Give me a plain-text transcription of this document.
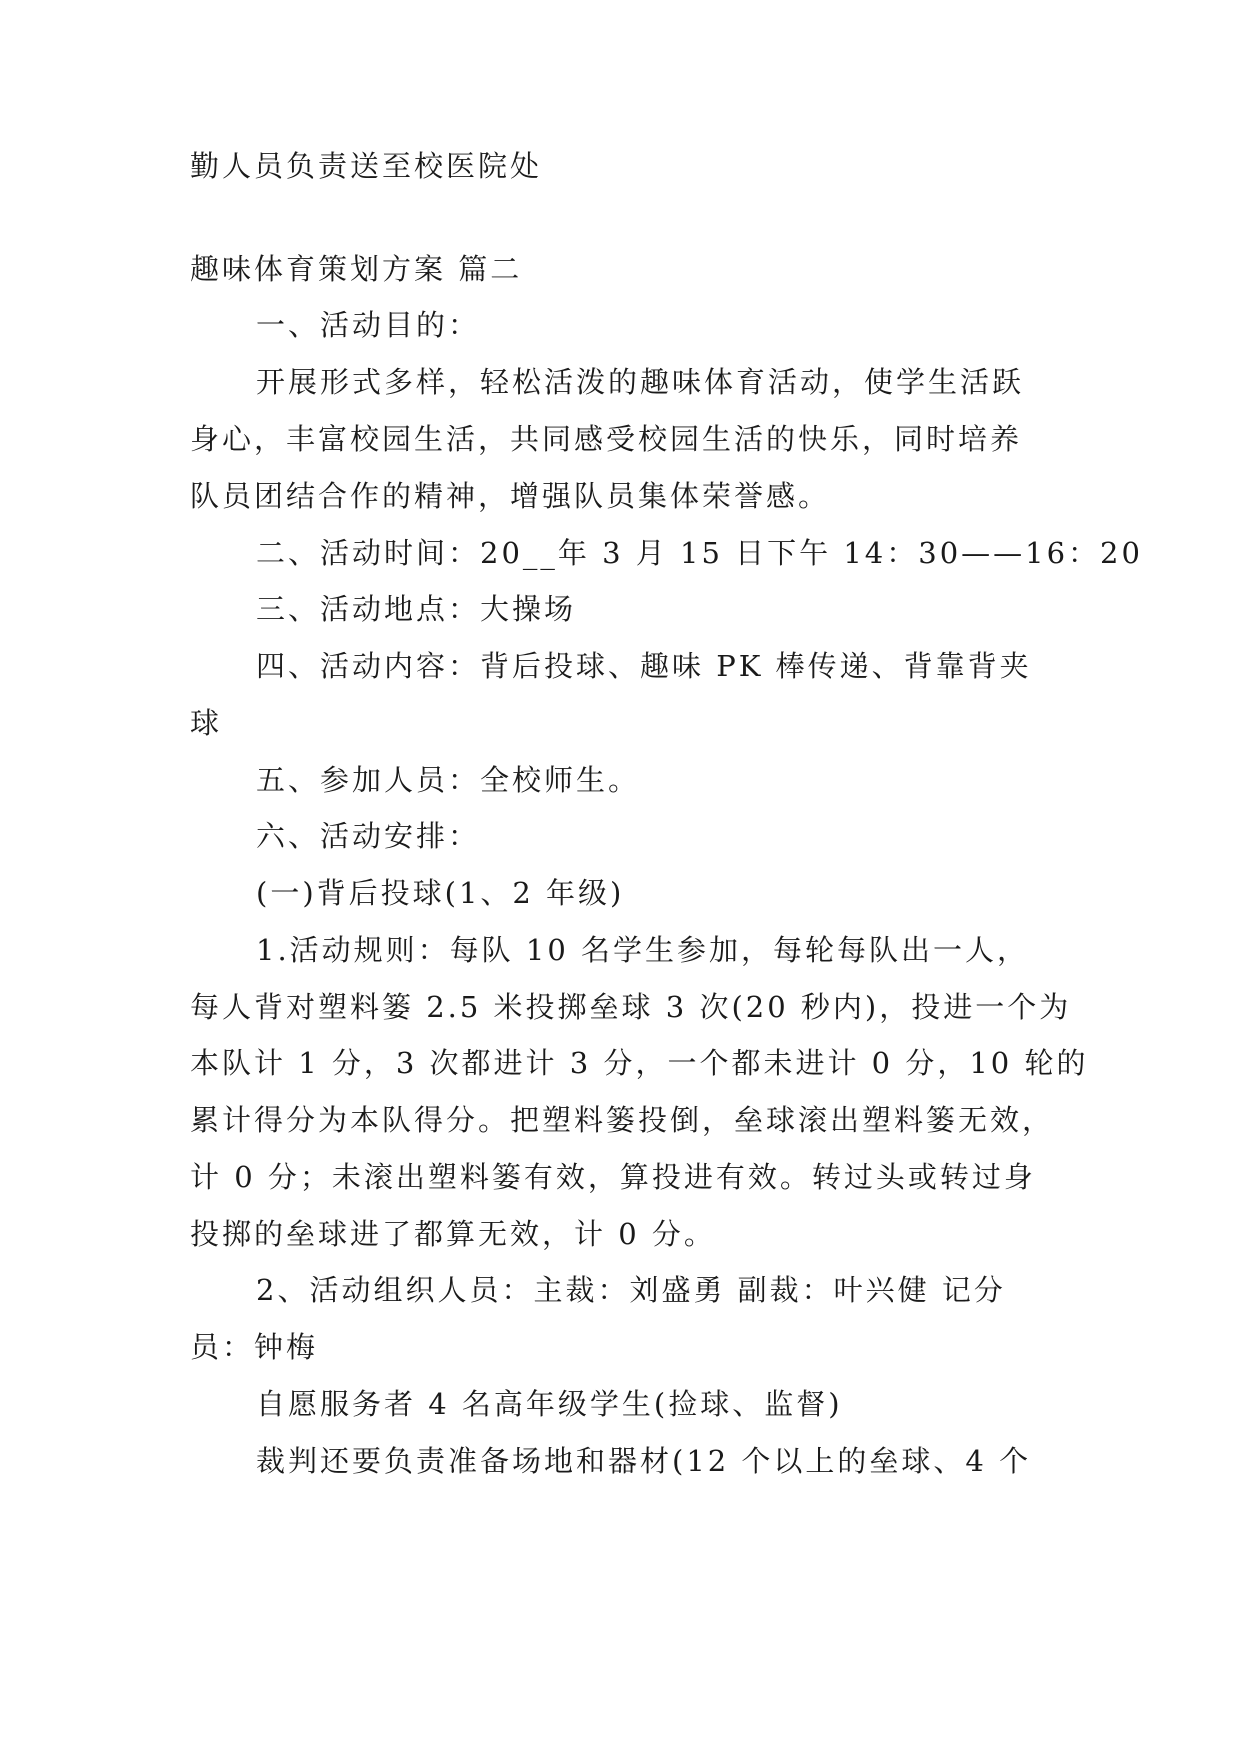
勤人员负责送至校医院处
趣味体育策划方案 篇二
一、活动目的：
开展形式多样，轻松活泼的趣味体育活动，使学生活跃
身心，丰富校园生活，共同感受校园生活的快乐，同时培养
队员团结合作的精神，增强队员集体荣誉感。
二、活动时间：20__年 3 月 15 日下午 14：30——16：20
三、活动地点：大操场
四、活动内容：背后投球、趣味 PK 棒传递、背靠背夹
球
五、参加人员：全校师生。
六、活动安排：
(一)背后投球(1、2 年级)
1.活动规则：每队 10 名学生参加，每轮每队出一人，
每人背对塑料篓 2.5 米投掷垒球 3 次(20 秒内)，投进一个为
本队计 1 分，3 次都进计 3 分，一个都未进计 0 分，10 轮的
累计得分为本队得分。把塑料篓投倒，垒球滚出塑料篓无效，
计 0 分；未滚出塑料篓有效，算投进有效。转过头或转过身
投掷的垒球进了都算无效，计 0 分。
2、活动组织人员：主裁：刘盛勇 副裁：叶兴健 记分
员：钟梅
自愿服务者 4 名高年级学生(捡球、监督)
裁判还要负责准备场地和器材(12 个以上的垒球、4 个
